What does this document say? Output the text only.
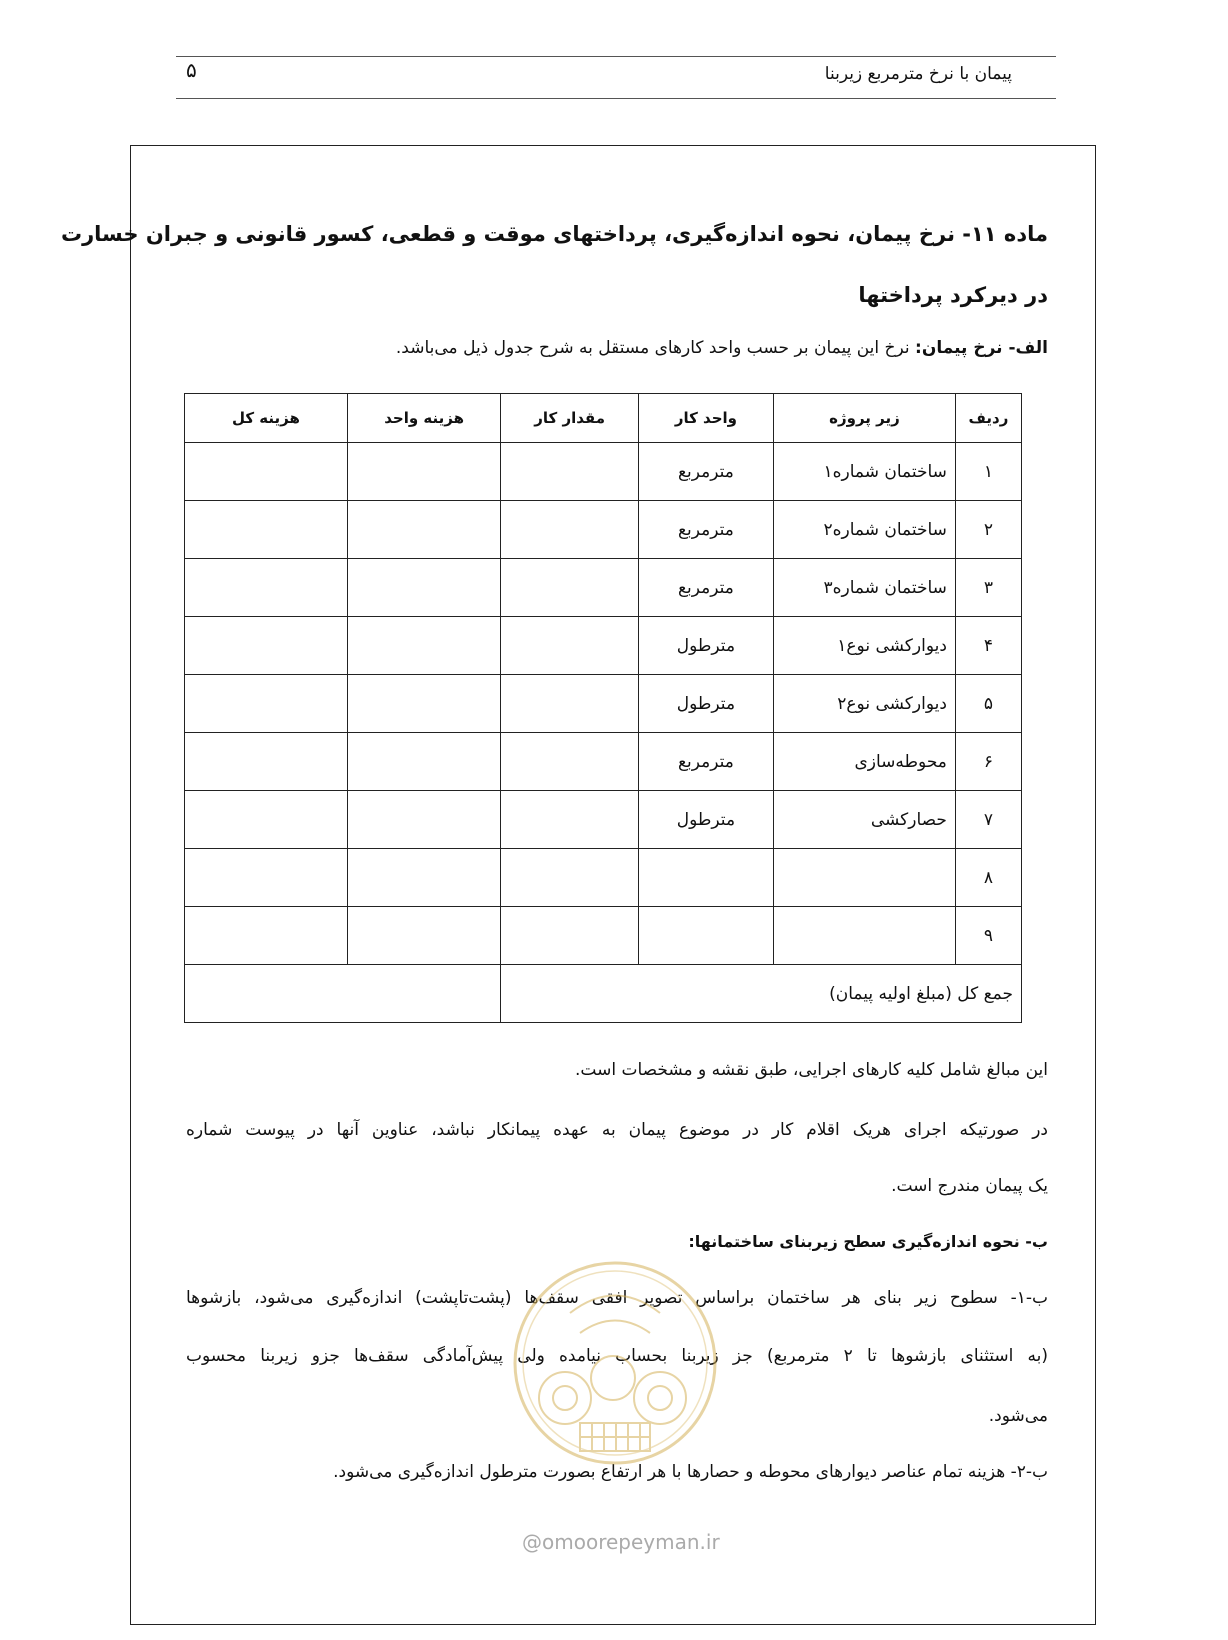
۵	پیمان با نرخ مترمربع زیربنا
ماده ۱۱- نرخ پیمان، نحوه اندازه‌گیری، پرداختهای موقت و قطعی، کسور قانونی و جبران خسارت
در دیرکرد پرداختها
الف- نرخ پیمان: نرخ این پیمان بر حسب واحد کارهای مستقل به شرح جدول ذیل می‌باشد.
ردیف	زیر پروژه	واحد کار	مقدار کار	هزینه واحد	هزینه کل
۱	ساختمان شماره۱	مترمربع			
۲	ساختمان شماره۲	مترمربع			
۳	ساختمان شماره۳	مترمربع			
۴	دیوارکشی نوع۱	مترطول			
۵	دیوارکشی نوع۲	مترطول			
۶	محوطه‌سازی	مترمربع			
۷	حصارکشی	مترطول			
۸					
۹					
جمع کل (مبلغ اولیه پیمان)					
این مبالغ شامل کلیه کارهای اجرایی، طبق نقشه و مشخصات است.
در صورتیکه اجرای هریک اقلام کار در موضوع پیمان به عهده پیمانکار نباشد، عناوین آنها در پیوست شماره
یک پیمان مندرج است.
ب- نحوه اندازه‌گیری سطح زیربنای ساختمانها:
ب-۱- سطوح زیر بنای هر ساختمان براساس تصویر افقی سقف‌ها (پشت‌تاپشت) اندازه‌گیری می‌شود، بازشوها
(به استثنای بازشوها تا ۲ مترمربع) جز زیربنا بحساب نیامده ولی پیش‌آمادگی سقف‌ها جزو زیربنا محسوب
می‌شود.
ب-۲- هزینه تمام عناصر دیوارهای محوطه و حصارها با هر ارتفاع بصورت مترطول اندازه‌گیری می‌شود.
@omoorepeyman.ir
